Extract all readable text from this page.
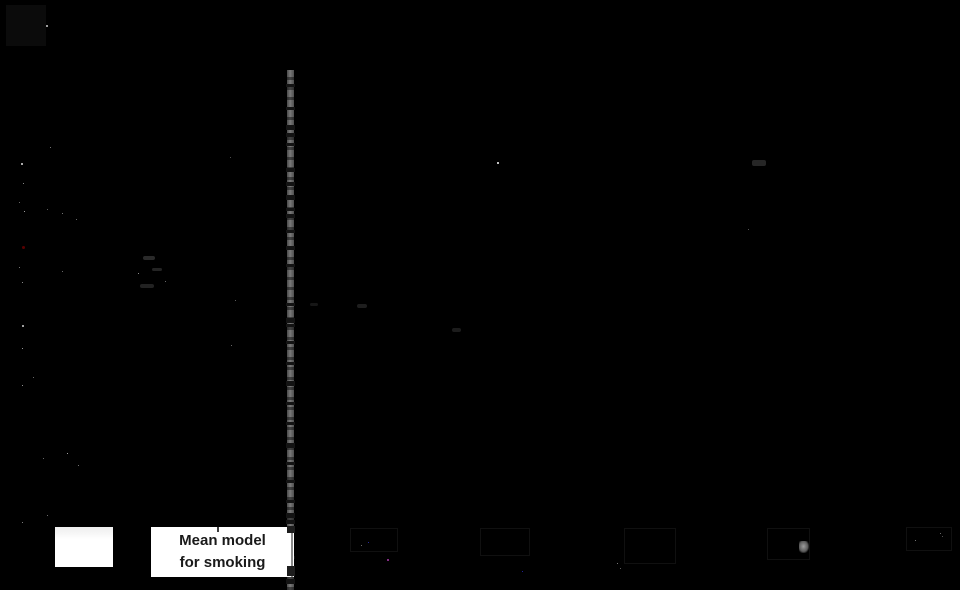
Mean model
for smoking
